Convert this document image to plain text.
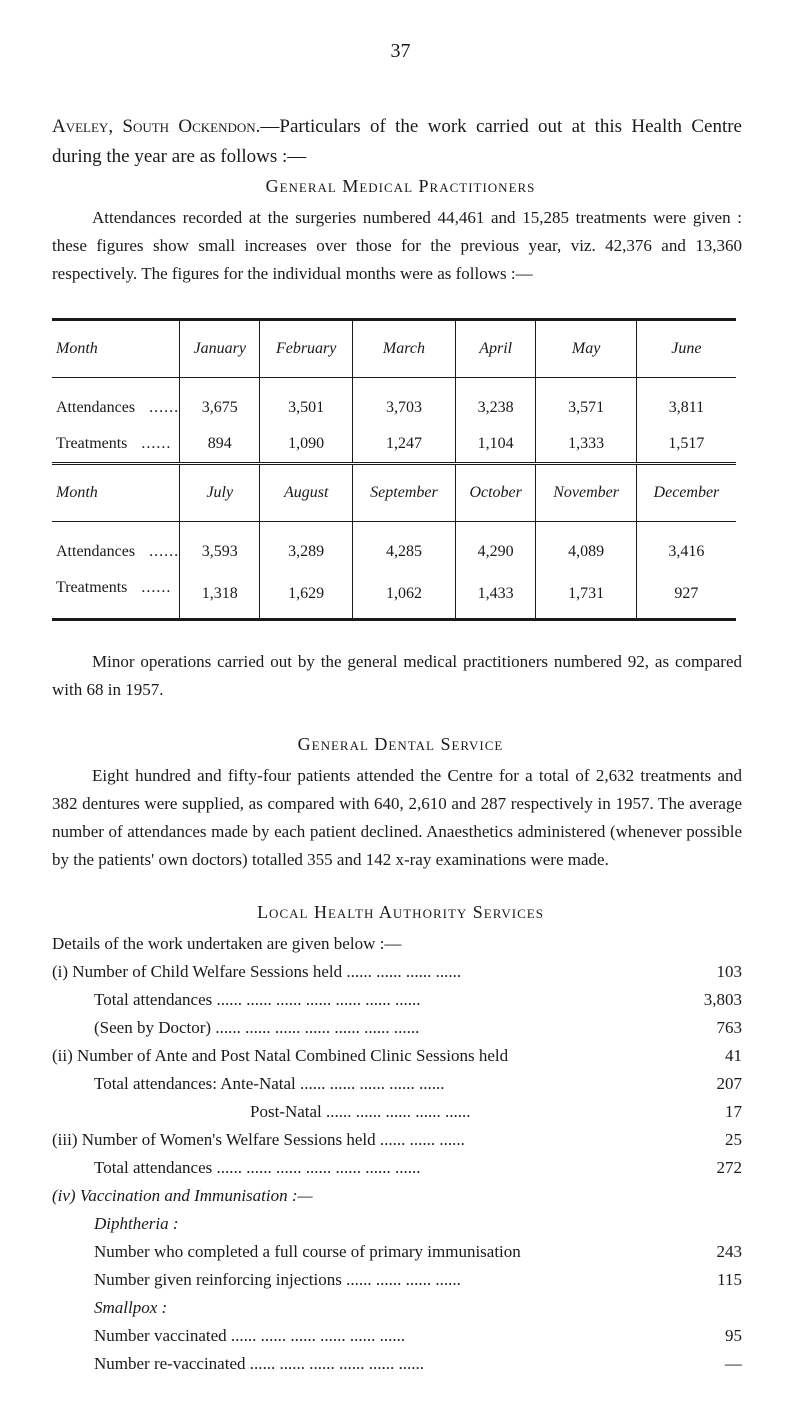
37
Aveley, South Ockendon.—Particulars of the work carried out at this Health Centre during the year are as follows :—
General Medical Practitioners
Attendances recorded at the surgeries numbered 44,461 and 15,285 treatments were given : these figures show small increases over those for the previous year, viz. 42,376 and 13,360 respectively. The figures for the individual months were as follows :—
Month	January	February	March	April	May	June
Attendances ......	3,675	3,501	3,703	3,238	3,571	3,811
Treatments ......	894	1,090	1,247	1,104	1,333	1,517
Month	July	August	September	October	November	December
Attendances ......	3,593	3,289	4,285	4,290	4,089	3,416
Treatments ......	1,318	1,629	1,062	1,433	1,731	927
Minor operations carried out by the general medical practitioners numbered 92, as compared with 68 in 1957.
General Dental Service
Eight hundred and fifty-four patients attended the Centre for a total of 2,632 treatments and 382 dentures were supplied, as compared with 640, 2,610 and 287 respectively in 1957. The average number of attendances made by each patient declined. Anaesthetics administered (whenever possible by the patients' own doctors) totalled 355 and 142 x-ray examinations were made.
Local Health Authority Services
Details of the work undertaken are given below :—
(i) Number of Child Welfare Sessions held ...... ...... ...... ......	103
Total attendances ...... ...... ...... ...... ...... ...... ......	3,803
(Seen by Doctor) ...... ...... ...... ...... ...... ...... ......	763
(ii) Number of Ante and Post Natal Combined Clinic Sessions held	41
Total attendances: Ante-Natal ...... ...... ...... ...... ......	207
Post-Natal ...... ...... ...... ...... ......	17
(iii) Number of Women's Welfare Sessions held ...... ...... ......	25
Total attendances ...... ...... ...... ...... ...... ...... ......	272
(iv) Vaccination and Immunisation :—
Diphtheria :
Number who completed a full course of primary immunisation	243
Number given reinforcing injections ...... ...... ...... ......	115
Smallpox :
Number vaccinated ...... ...... ...... ...... ...... ......	95
Number re-vaccinated ...... ...... ...... ...... ...... ......	—
